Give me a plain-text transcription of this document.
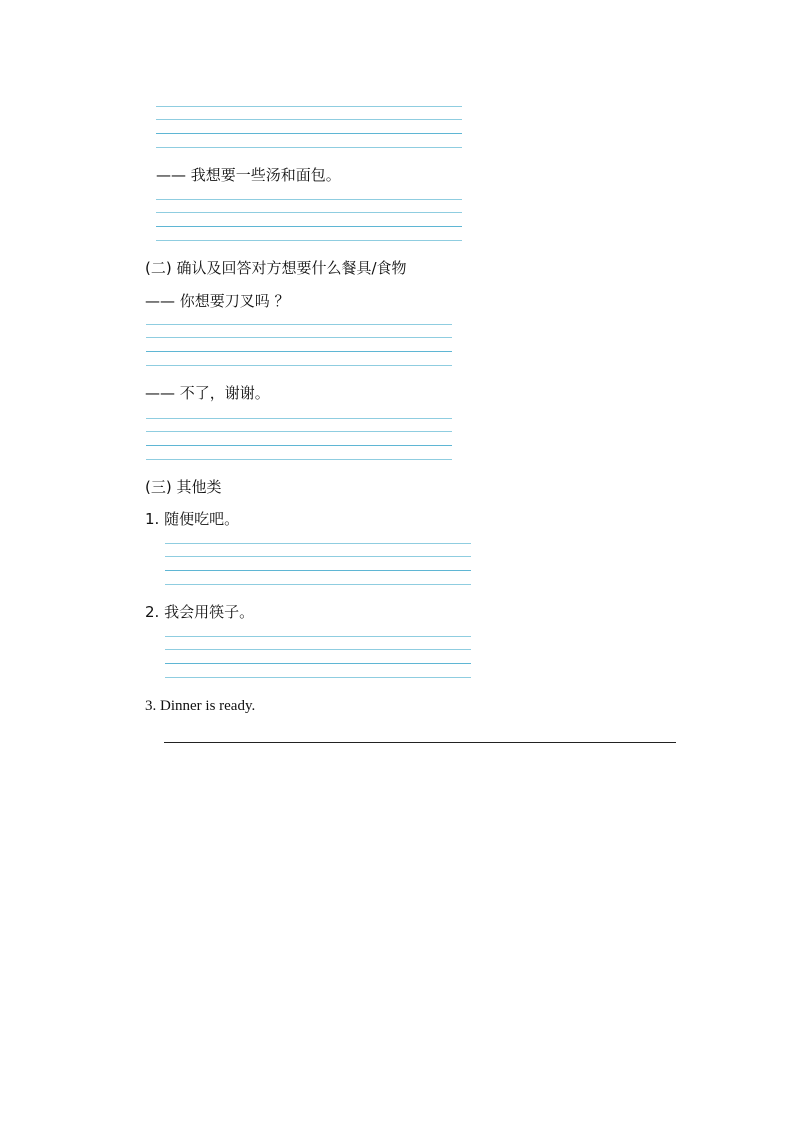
—— 我想要一些汤和面包。
(二) 确认及回答对方想要什么餐具/食物
—— 你想要刀叉吗 ？
—— 不了，谢谢。
(三) 其他类
1. 随便吃吧。
2. 我会用筷子。
3. Dinner is ready.
